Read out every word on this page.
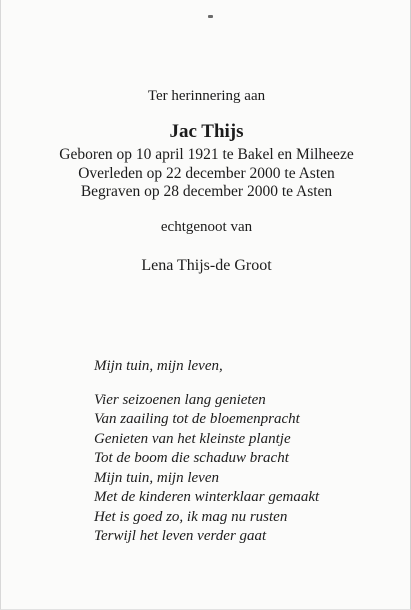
Ter herinnering aan
Jac Thijs
Geboren op 10 april 1921 te Bakel en Milheeze
Overleden op 22 december 2000 te Asten
Begraven op 28 december 2000 te Asten
echtgenoot van
Lena Thijs-de Groot
Mijn tuin, mijn leven,
Vier seizoenen lang genieten
Van zaailing tot de bloemenpracht
Genieten van het kleinste plantje
Tot de boom die schaduw bracht
Mijn tuin, mijn leven
Met de kinderen winterklaar gemaakt
Het is goed zo, ik mag nu rusten
Terwijl het leven verder gaat
